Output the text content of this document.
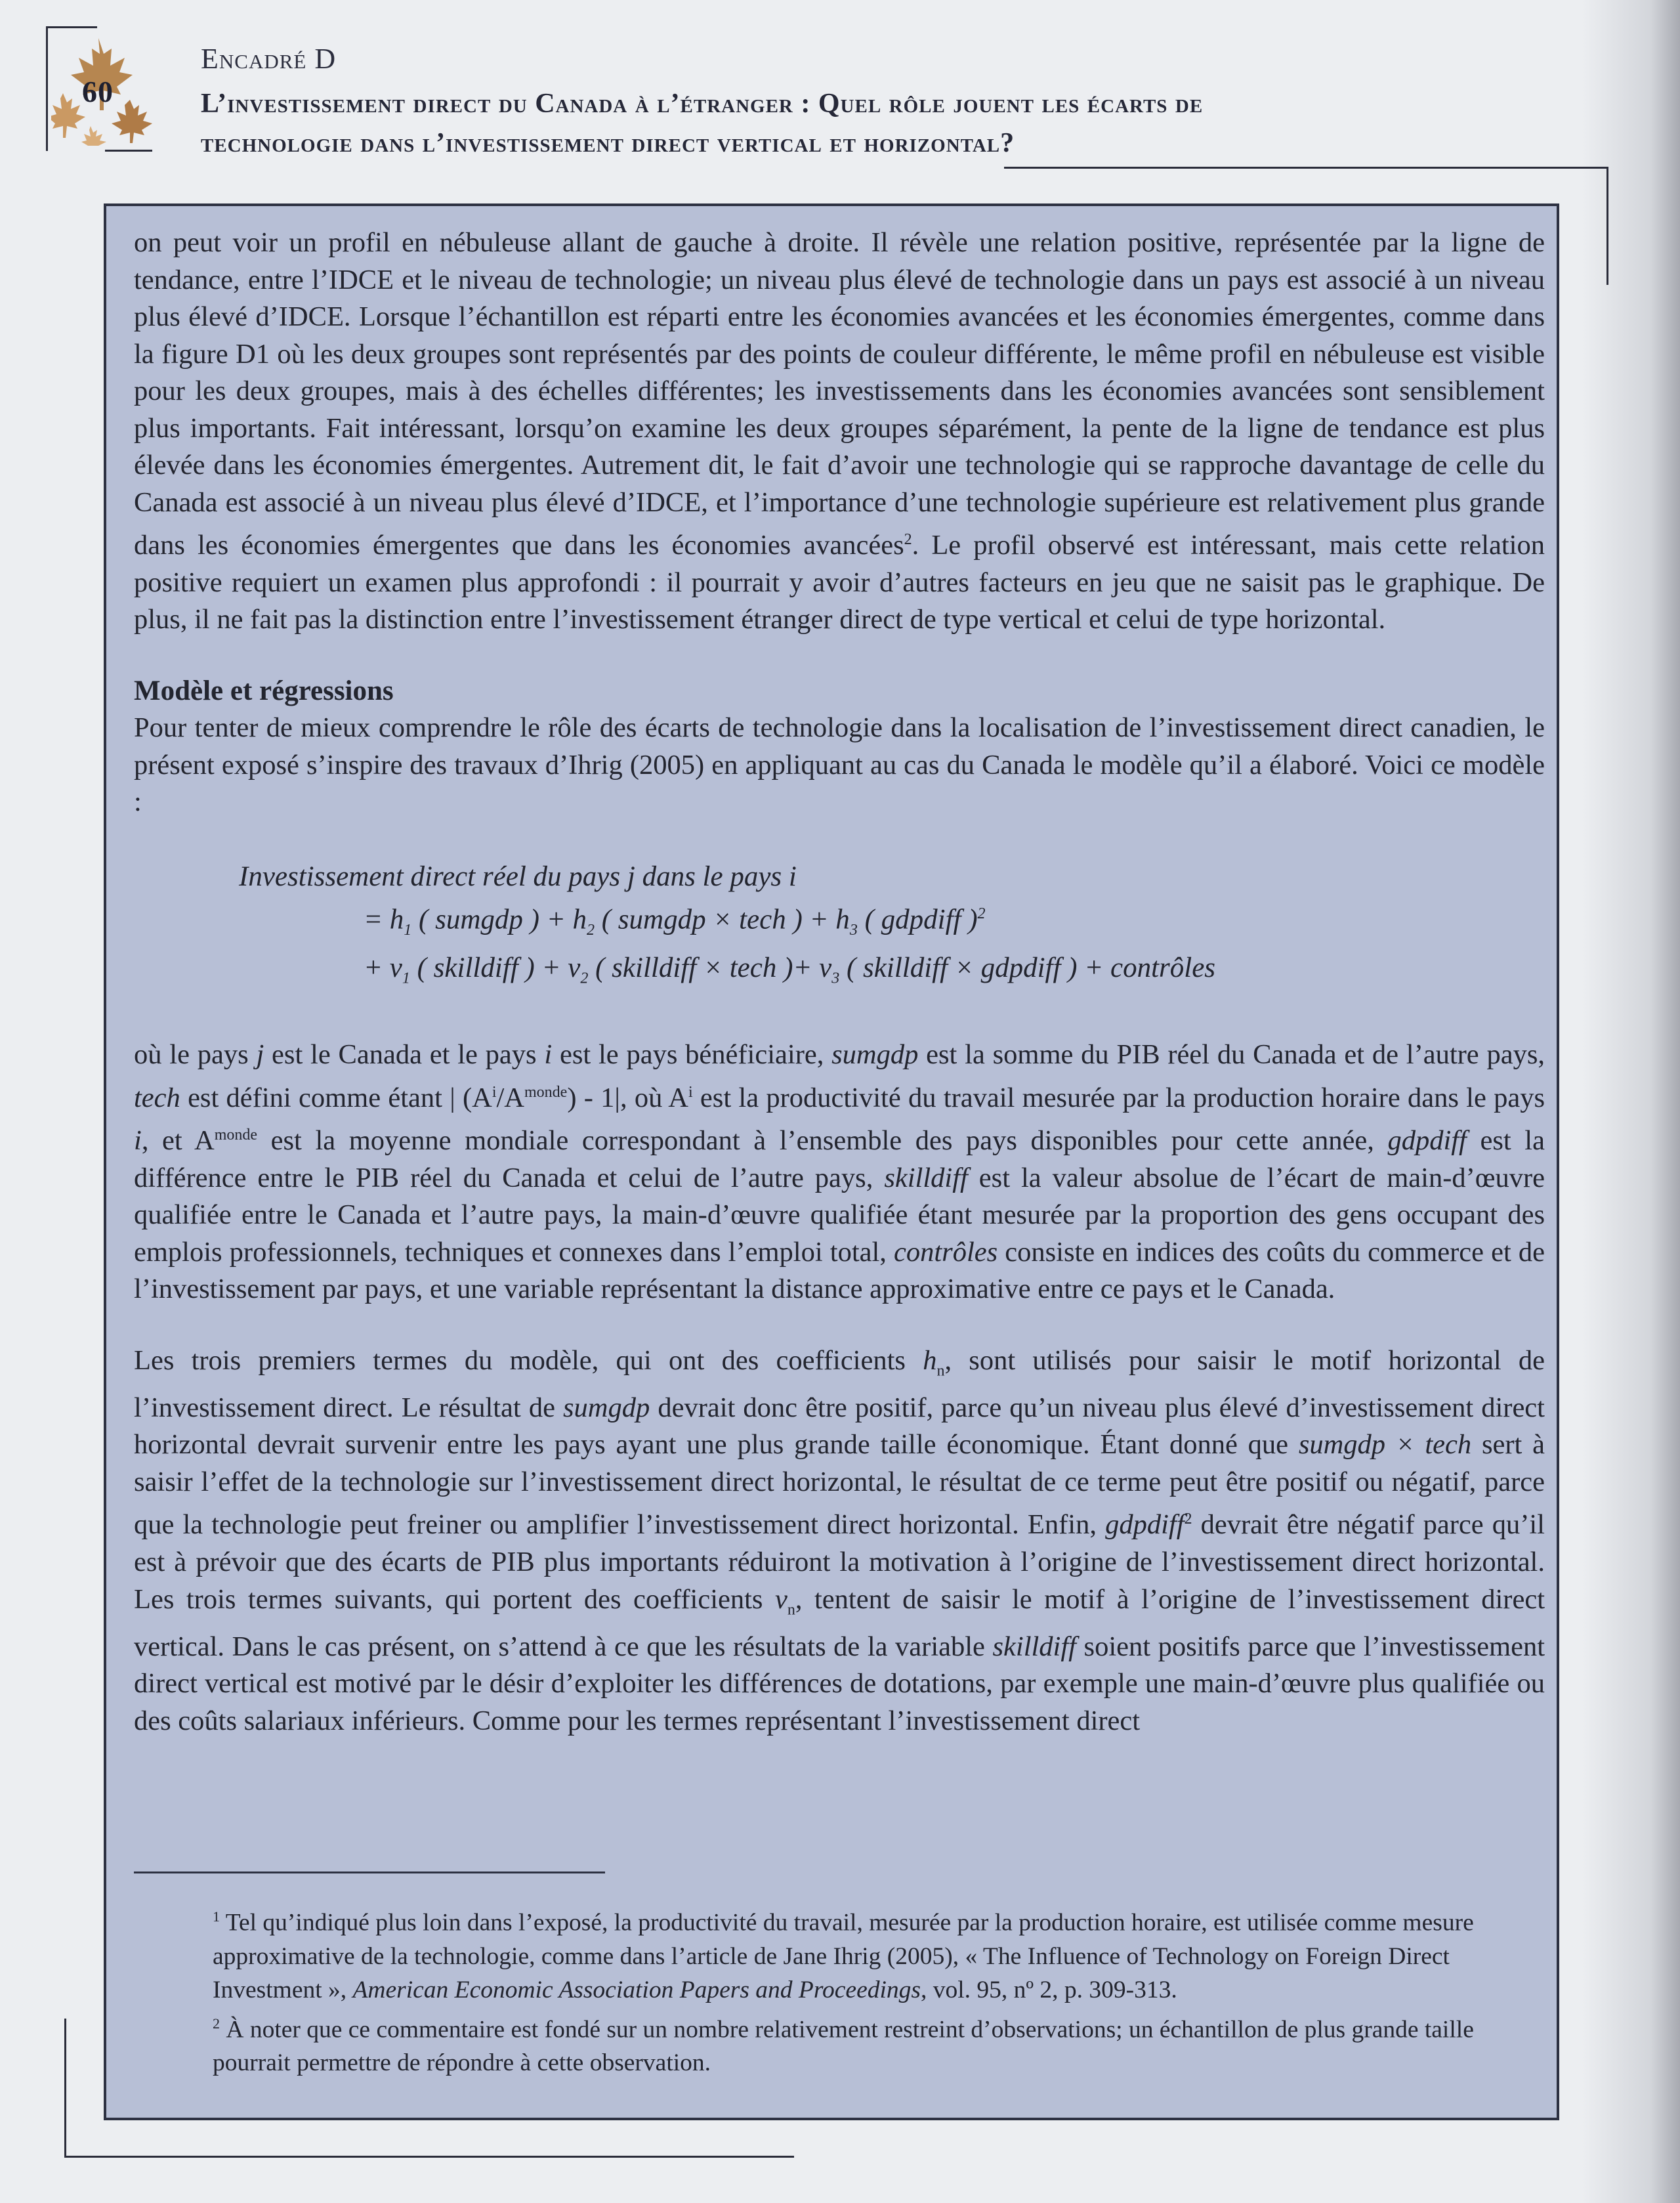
60
Encadré D
L’investissement direct du Canada à l’étranger : Quel rôle jouent les écarts de
technologie dans l’investissement direct vertical et horizontal?

on peut voir un profil en nébuleuse allant de gauche à droite. Il révèle une relation positive, représentée par la ligne de tendance, entre l’IDCE et le niveau de technologie; un niveau plus élevé de technologie dans un pays est associé à un niveau plus élevé d’IDCE. Lorsque l’échantillon est réparti entre les économies avancées et les économies émergentes, comme dans la figure D1 où les deux groupes sont représentés par des points de couleur différente, le même profil en nébuleuse est visible pour les deux groupes, mais à des échelles différentes; les investissements dans les économies avancées sont sensiblement plus importants. Fait intéressant, lorsqu’on examine les deux groupes séparément, la pente de la ligne de tendance est plus élevée dans les économies émergentes. Autrement dit, le fait d’avoir une technologie qui se rapproche davantage de celle du Canada est associé à un niveau plus élevé d’IDCE, et l’importance d’une technologie supérieure est relativement plus grande dans les économies émergentes que dans les économies avancées$^2$. Le profil observé est intéressant, mais cette relation positive requiert un examen plus approfondi : il pourrait y avoir d’autres facteurs en jeu que ne saisit pas le graphique. De plus, il ne fait pas la distinction entre l’investissement étranger direct de type vertical et celui de type horizontal.

Modèle et régressions

Pour tenter de mieux comprendre le rôle des écarts de technologie dans la localisation de l’investissement direct canadien, le présent exposé s’inspire des travaux d’Ihrig (2005) en appliquant au cas du Canada le modèle qu’il a élaboré. Voici ce modèle :

Investissement direct réel du pays j dans le pays i
= $h_1$ ( sumgdp ) + $h_2$ ( sumgdp × tech ) + $h_3$ ( gdpdiff )$^2$
+ $v_1$ ( skilldiff ) + $v_2$ ( skilldiff × tech )+ $v_3$ ( skilldiff × gdpdiff ) + contrôles

où le pays j est le Canada et le pays i est le pays bénéficiaire, sumgdp est la somme du PIB réel du Canada et de l’autre pays, tech est défini comme étant | $(A^i/A^{monde}) - 1|$, où $A^i$ est la productivité du travail mesurée par la production horaire dans le pays i, et $A^{monde}$ est la moyenne mondiale correspondant à l’ensemble des pays disponibles pour cette année, gdpdiff est la différence entre le PIB réel du Canada et celui de l’autre pays, skilldiff est la valeur absolue de l’écart de main-d’œuvre qualifiée entre le Canada et l’autre pays, la main-d’œuvre qualifiée étant mesurée par la proportion des gens occupant des emplois professionnels, techniques et connexes dans l’emploi total, contrôles consiste en indices des coûts du commerce et de l’investissement par pays, et une variable représentant la distance approximative entre ce pays et le Canada.

Les trois premiers termes du modèle, qui ont des coefficients $h_n$, sont utilisés pour saisir le motif horizontal de l’investissement direct. Le résultat de sumgdp devrait donc être positif, parce qu’un niveau plus élevé d’investissement direct horizontal devrait survenir entre les pays ayant une plus grande taille économique. Étant donné que sumgdp × tech sert à saisir l’effet de la technologie sur l’investissement direct horizontal, le résultat de ce terme peut être positif ou négatif, parce que la technologie peut freiner ou amplifier l’investissement direct horizontal. Enfin, gdpdiff$^2$ devrait être négatif parce qu’il est à prévoir que des écarts de PIB plus importants réduiront la motivation à l’origine de l’investissement direct horizontal. Les trois termes suivants, qui portent des coefficients $v_n$, tentent de saisir le motif à l’origine de l’investissement direct vertical. Dans le cas présent, on s’attend à ce que les résultats de la variable skilldiff soient positifs parce que l’investissement direct vertical est motivé par le désir d’exploiter les différences de dotations, par exemple une main-d’œuvre plus qualifiée ou des coûts salariaux inférieurs. Comme pour les termes représentant l’investissement direct

$^1$ Tel qu’indiqué plus loin dans l’exposé, la productivité du travail, mesurée par la production horaire, est utilisée comme mesure approximative de la technologie, comme dans l’article de Jane Ihrig (2005), « The Influence of Technology on Foreign Direct Investment », American Economic Association Papers and Proceedings, vol. 95, nº 2, p. 309-313.

$^2$ À noter que ce commentaire est fondé sur un nombre relativement restreint d’observations; un échantillon de plus grande taille pourrait permettre de répondre à cette observation.
